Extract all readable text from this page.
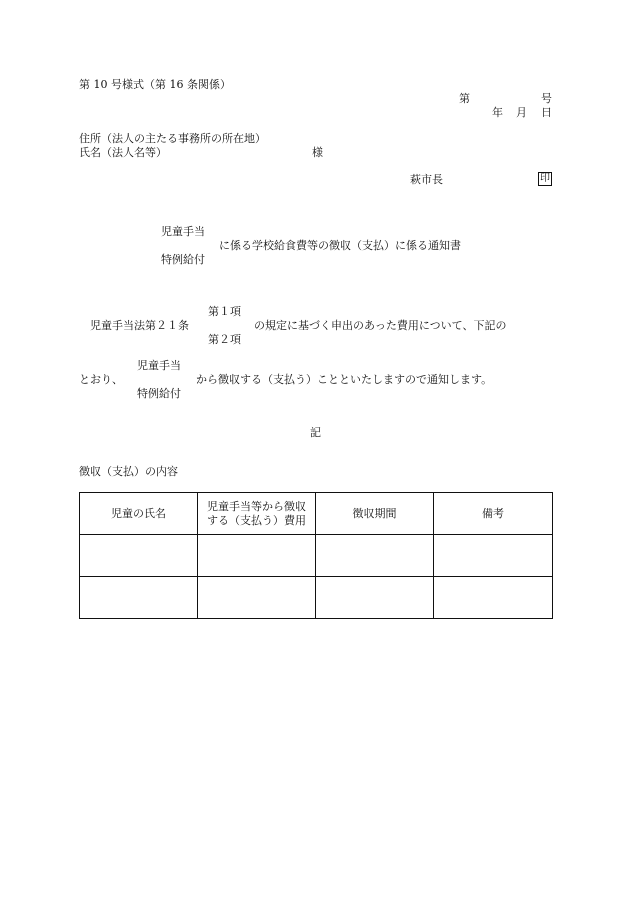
第 10 号様式（第 16 条関係）
第	号
年 月 日
住所（法人の主たる事務所の所在地）
氏名（法人名等）	様
萩市長	印
児童手当
に係る学校給食費等の徴収（支払）に係る通知書
特例給付
第１項
児童手当法第２１条	の規定に基づく申出のあった費用について、下記の
第２項
児童手当
とおり、	から徴収する（支払う）ことといたしますので通知します。
特例給付
記
徴収（支払）の内容
児童の氏名	児童手当等から徴収する（支払う）費用	徴収期間	備考
